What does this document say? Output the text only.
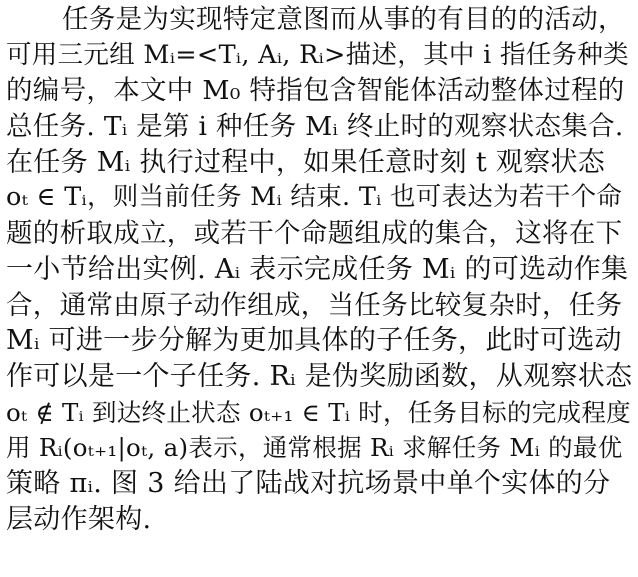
任务是为实现特定意图而从事的有目的的活动，
可用三元组 Mᵢ=<Tᵢ, Aᵢ, Rᵢ>描述，其中 i 指任务种类
的编号，本文中 M₀ 特指包含智能体活动整体过程的
总任务. Tᵢ 是第 i 种任务 Mᵢ 终止时的观察状态集合.
在任务 Mᵢ 执行过程中，如果任意时刻 t 观察状态
oₜ ∈ Tᵢ，则当前任务 Mᵢ 结束. Tᵢ 也可表达为若干个命
题的析取成立，或若干个命题组成的集合，这将在下
一小节给出实例. Aᵢ 表示完成任务 Mᵢ 的可选动作集
合，通常由原子动作组成，当任务比较复杂时，任务
Mᵢ 可进一步分解为更加具体的子任务，此时可选动
作可以是一个子任务. Rᵢ 是伪奖励函数，从观察状态
oₜ ∉ Tᵢ 到达终止状态 oₜ₊₁ ∈ Tᵢ 时，任务目标的完成程度
用 Rᵢ(oₜ₊₁|oₜ, a)表示，通常根据 Rᵢ 求解任务 Mᵢ 的最优
策略 πᵢ. 图 3 给出了陆战对抗场景中单个实体的分
层动作架构.
